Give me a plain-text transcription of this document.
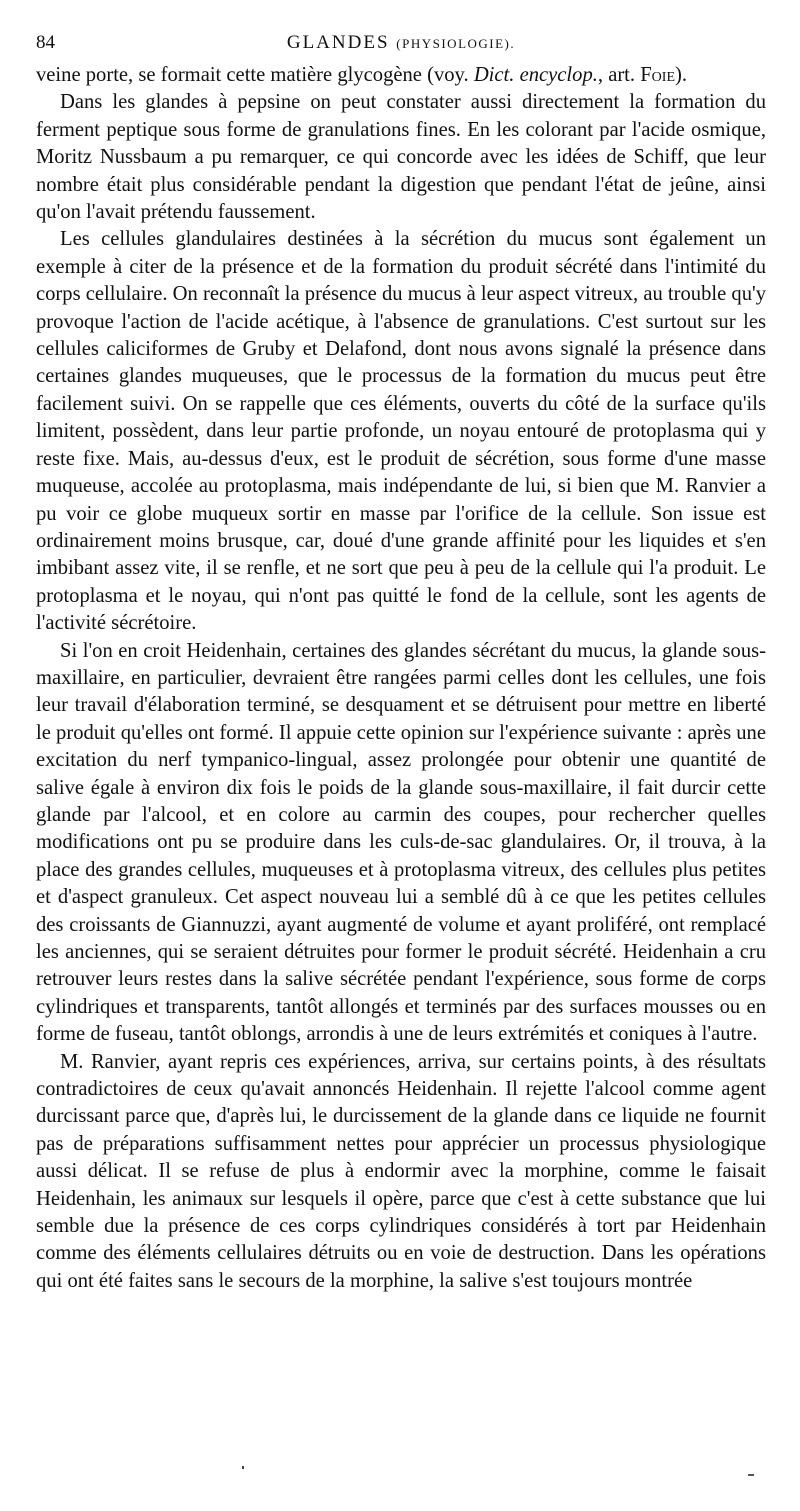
84	GLANDES (PHYSIOLOGIE).

veine porte, se formait cette matière glycogène (voy. Dict. encyclop., art. Foie).

Dans les glandes à pepsine on peut constater aussi directement la formation du ferment peptique sous forme de granulations fines. En les colorant par l'acide osmique, Moritz Nussbaum a pu remarquer, ce qui concorde avec les idées de Schiff, que leur nombre était plus considérable pendant la digestion que pendant l'état de jeûne, ainsi qu'on l'avait prétendu faussement.

Les cellules glandulaires destinées à la sécrétion du mucus sont également un exemple à citer de la présence et de la formation du produit sécrété dans l'intimité du corps cellulaire. On reconnaît la présence du mucus à leur aspect vitreux, au trouble qu'y provoque l'action de l'acide acétique, à l'absence de granulations. C'est surtout sur les cellules caliciformes de Gruby et Delafond, dont nous avons signalé la présence dans certaines glandes muqueuses, que le processus de la formation du mucus peut être facilement suivi. On se rappelle que ces éléments, ouverts du côté de la surface qu'ils limitent, possèdent, dans leur partie profonde, un noyau entouré de protoplasma qui y reste fixe. Mais, au-dessus d'eux, est le produit de sécrétion, sous forme d'une masse muqueuse, accolée au protoplasma, mais indépendante de lui, si bien que M. Ranvier a pu voir ce globe muqueux sortir en masse par l'orifice de la cellule. Son issue est ordinairement moins brusque, car, doué d'une grande affinité pour les liquides et s'en imbibant assez vite, il se renfle, et ne sort que peu à peu de la cellule qui l'a produit. Le protoplasma et le noyau, qui n'ont pas quitté le fond de la cellule, sont les agents de l'activité sécrétoire.

Si l'on en croit Heidenhain, certaines des glandes sécrétant du mucus, la glande sous-maxillaire, en particulier, devraient être rangées parmi celles dont les cellules, une fois leur travail d'élaboration terminé, se desquament et se détruisent pour mettre en liberté le produit qu'elles ont formé. Il appuie cette opinion sur l'expérience suivante : après une excitation du nerf tympanico-lingual, assez prolongée pour obtenir une quantité de salive égale à environ dix fois le poids de la glande sous-maxillaire, il fait durcir cette glande par l'alcool, et en colore au carmin des coupes, pour rechercher quelles modifications ont pu se produire dans les culs-de-sac glandulaires. Or, il trouva, à la place des grandes cellules, muqueuses et à protoplasma vitreux, des cellules plus petites et d'aspect granuleux. Cet aspect nouveau lui a semblé dû à ce que les petites cellules des croissants de Giannuzzi, ayant augmenté de volume et ayant proliféré, ont remplacé les anciennes, qui se seraient détruites pour former le produit sécrété. Heidenhain a cru retrouver leurs restes dans la salive sécrétée pendant l'expérience, sous forme de corps cylindriques et transparents, tantôt allongés et terminés par des surfaces mousses ou en forme de fuseau, tantôt oblongs, arrondis à une de leurs extrémités et coniques à l'autre.

M. Ranvier, ayant repris ces expériences, arriva, sur certains points, à des résultats contradictoires de ceux qu'avait annoncés Heidenhain. Il rejette l'alcool comme agent durcissant parce que, d'après lui, le durcissement de la glande dans ce liquide ne fournit pas de préparations suffisamment nettes pour apprécier un processus physiologique aussi délicat. Il se refuse de plus à endormir avec la morphine, comme le faisait Heidenhain, les animaux sur lesquels il opère, parce que c'est à cette substance que lui semble due la présence de ces corps cylindriques considérés à tort par Heidenhain comme des éléments cellulaires détruits ou en voie de destruction. Dans les opérations qui ont été faites sans le secours de la morphine, la salive s'est toujours montrée
